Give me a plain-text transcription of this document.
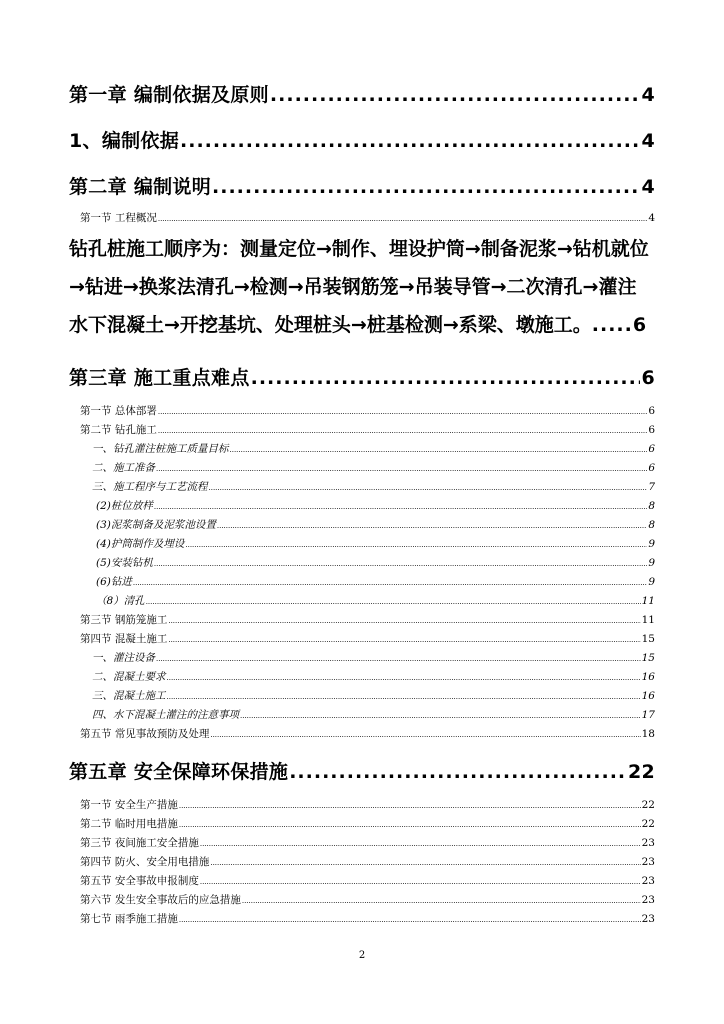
第一章 编制依据及原则 .....	4
1、编制依据 .....	4
第二章 编制说明 .....	4
第一节 工程概况 .....	4
钻孔桩施工顺序为：测量定位→制作、埋设护筒→制备泥浆→钻机就位
→钻进→换浆法清孔→检测→吊装钢筋笼→吊装导管→二次清孔→灌注
水下混凝土→开挖基坑、处理桩头→桩基检测→系梁、墩施工。.....6
第三章 施工重点难点 .....	6
第一节 总体部署 .....	6
第二节 钻孔施工 .....	6
一、钻孔灌注桩施工质量目标 .....	6
二、施工准备 .....	6
三、施工程序与工艺流程 .....	7
(2)桩位放样 .....	8
(3)泥浆制备及泥浆池设置 .....	8
(4)护筒制作及埋设 .....	9
(5)安装钻机 .....	9
(6)钻进 .....	9
（8）清孔 .....	11
第三节 钢筋笼施工 .....	11
第四节 混凝土施工 .....	15
一、灌注设备 .....	15
二、混凝土要求 .....	16
三、混凝土施工 .....	16
四、水下混凝土灌注的注意事项 .....	17
第五节 常见事故预防及处理 .....	18
第五章 安全保障环保措施 .....	22
第一节 安全生产措施 .....	22
第二节 临时用电措施 .....	22
第三节 夜间施工安全措施 .....	23
第四节 防火、安全用电措施 .....	23
第五节 安全事故申报制度 .....	23
第六节 发生安全事故后的应急措施 .....	23
第七节 雨季施工措施 .....	23
2
